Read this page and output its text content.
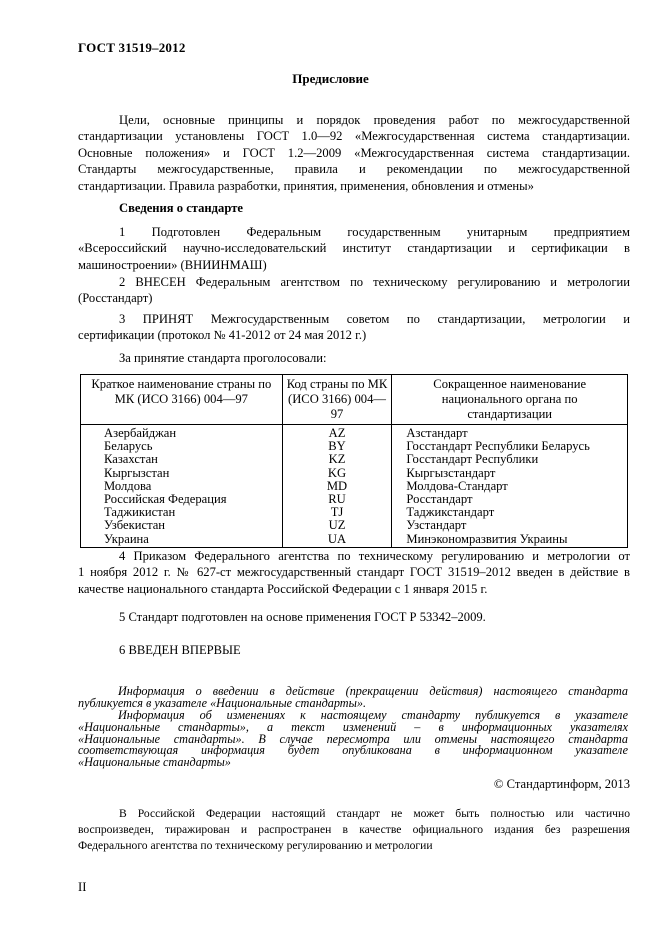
ГОСТ 31519–2012
Предисловие
Цели, основные принципы и порядок проведения работ по межгосударственной
стандартизации установлены ГОСТ 1.0—92 «Межгосударственная система стандартизации.
Основные положения» и ГОСТ 1.2—2009 «Межгосударственная система стандартизации.
Стандарты межгосударственные, правила и рекомендации по межгосударственной
стандартизации. Правила разработки, принятия, применения, обновления и отмены»
Сведения о стандарте
1 Подготовлен Федеральным государственным унитарным предприятием
«Всероссийский научно-исследовательский институт стандартизации и сертификации в
машиностроении» (ВНИИНМАШ)
2 ВНЕСЕН Федеральным агентством по техническому регулированию и метрологии
(Росстандарт)
3 ПРИНЯТ Межгосударственным советом по стандартизации, метрологии и
сертификации (протокол № 41-2012 от 24 мая 2012 г.)
За принятие стандарта проголосовали:
Краткое наименование страны по МК (ИСО 3166) 004—97	Код страны по МК (ИСО 3166) 004—97	Сокращенное наименование национального органа по стандартизации
Азербайджан	AZ	Азстандарт
Беларусь	BY	Госстандарт Республики Беларусь
Казахстан	KZ	Госстандарт Республики
Кыргызстан	KG	Кыргызстандарт
Молдова	MD	Молдова-Стандарт
Российская Федерация	RU	Росстандарт
Таджикистан	TJ	Таджикстандарт
Узбекистан	UZ	Узстандарт
Украина	UA	Минэкономразвития Украины
4 Приказом Федерального агентства по техническому регулированию и метрологии от
1 ноября 2012 г. № 627-ст межгосударственный стандарт ГОСТ 31519–2012 введен в действие в
качестве национального стандарта Российской Федерации с 1 января 2015 г.
5 Стандарт подготовлен на основе применения ГОСТ Р 53342–2009.
6 ВВЕДЕН ВПЕРВЫЕ
Информация о введении в действие (прекращении действия) настоящего стандарта
публикуется в указателе «Национальные стандарты».
Информация об изменениях к настоящему стандарту публикуется в указателе
«Национальные стандарты», а текст изменений – в информационных указателях
«Национальные стандарты». В случае пересмотра или отмены настоящего стандарта
соответствующая информация будет опубликована в информационном указателе
«Национальные стандарты»
© Стандартинформ, 2013
В Российской Федерации настоящий стандарт не может быть полностью или частично
воспроизведен, тиражирован и распространен в качестве официального издания без разрешения
Федерального агентства по техническому регулированию и метрологии
II
